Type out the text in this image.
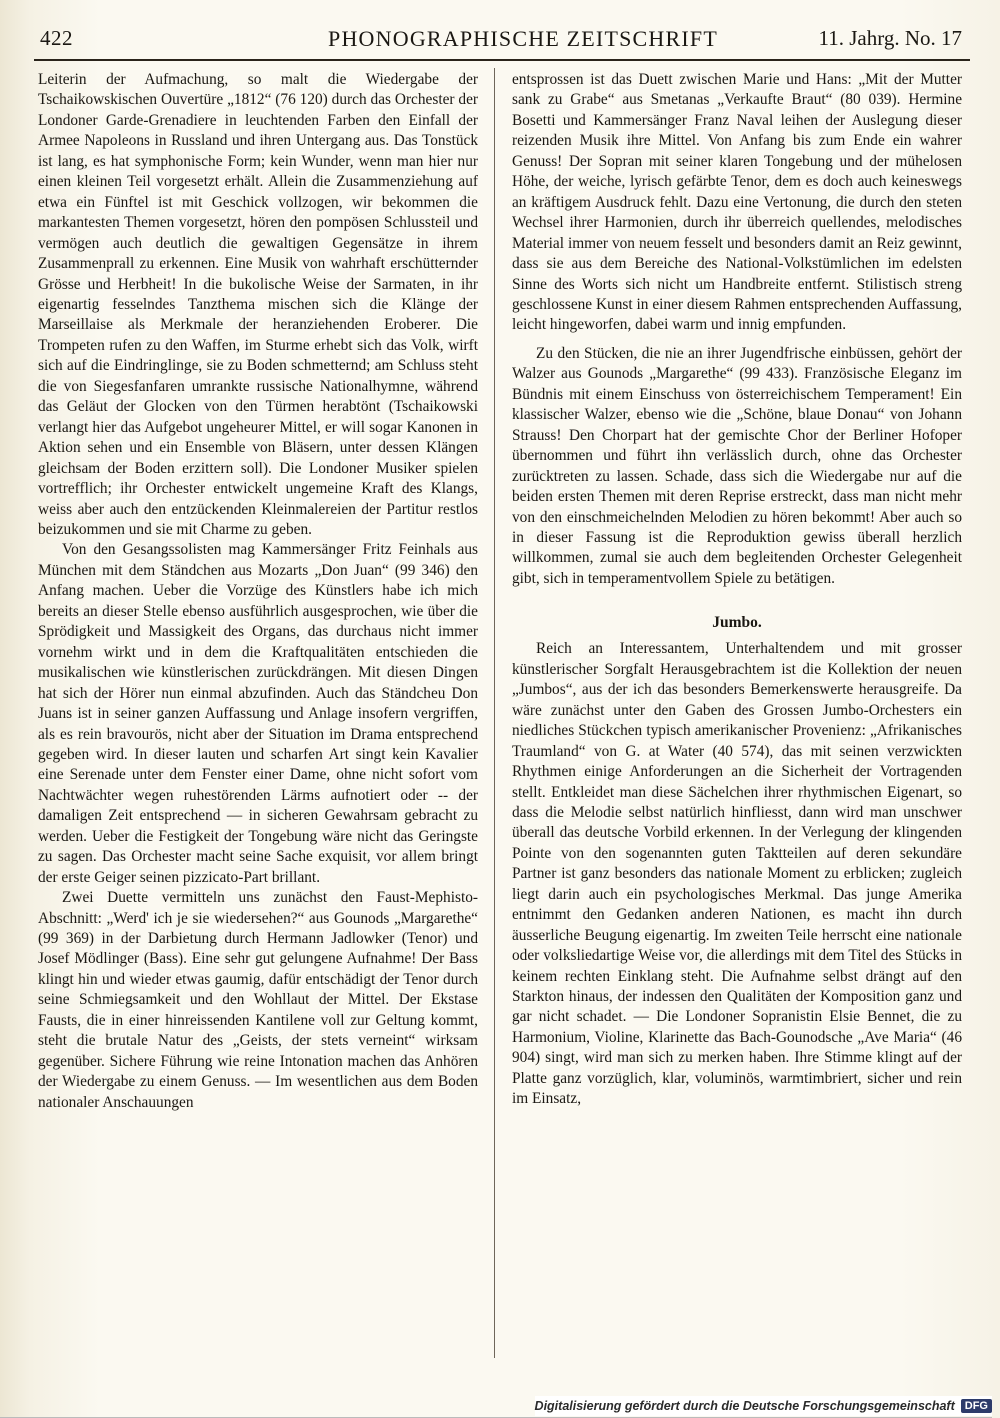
422	PHONOGRAPHISCHE ZEITSCHRIFT	11. Jahrg. No. 17

Leiterin der Aufmachung, so malt die Wiedergabe der Tschaikowskischen Ouvertüre „1812“ (76 120) durch das Orchester der Londoner Garde-Grenadiere in leuchtenden Farben den Einfall der Armee Napoleons in Russland und ihren Untergang aus. Das Tonstück ist lang, es hat symphonische Form; kein Wunder, wenn man hier nur einen kleinen Teil vorgesetzt erhält. Allein die Zusammenziehung auf etwa ein Fünftel ist mit Geschick vollzogen, wir bekommen die markantesten Themen vorgesetzt, hören den pompösen Schlussteil und vermögen auch deutlich die gewaltigen Gegensätze in ihrem Zusammenprall zu erkennen. Eine Musik von wahrhaft erschütternder Grösse und Herbheit! In die bukolische Weise der Sarmaten, in ihr eigenartig fesselndes Tanzthema mischen sich die Klänge der Marseillaise als Merkmale der heranziehenden Eroberer. Die Trompeten rufen zu den Waffen, im Sturme erhebt sich das Volk, wirft sich auf die Eindringlinge, sie zu Boden schmetternd; am Schluss steht die von Siegesfanfaren umrankte russische Nationalhymne, während das Geläut der Glocken von den Türmen herabtönt (Tschaikowski verlangt hier das Aufgebot ungeheurer Mittel, er will sogar Kanonen in Aktion sehen und ein Ensemble von Bläsern, unter dessen Klängen gleichsam der Boden erzittern soll). Die Londoner Musiker spielen vortrefflich; ihr Orchester entwickelt ungemeine Kraft des Klangs, weiss aber auch den entzückenden Kleinmalereien der Partitur restlos beizukommen und sie mit Charme zu geben.

Von den Gesangssolisten mag Kammersänger Fritz Feinhals aus München mit dem Ständchen aus Mozarts „Don Juan“ (99 346) den Anfang machen. Ueber die Vorzüge des Künstlers habe ich mich bereits an dieser Stelle ebenso ausführlich ausgesprochen, wie über die Sprödigkeit und Massigkeit des Organs, das durchaus nicht immer vornehm wirkt und in dem die Kraftqualitäten entschieden die musikalischen wie künstlerischen zurückdrängen. Mit diesen Dingen hat sich der Hörer nun einmal abzufinden. Auch das Ständcheu Don Juans ist in seiner ganzen Auffassung und Anlage insofern vergriffen, als es rein bravourös, nicht aber der Situation im Drama entsprechend gegeben wird. In dieser lauten und scharfen Art singt kein Kavalier eine Serenade unter dem Fenster einer Dame, ohne nicht sofort vom Nachtwächter wegen ruhestörenden Lärms aufnotiert oder -- der damaligen Zeit entsprechend — in sicheren Gewahrsam gebracht zu werden. Ueber die Festigkeit der Tongebung wäre nicht das Geringste zu sagen. Das Orchester macht seine Sache exquisit, vor allem bringt der erste Geiger seinen pizzicato-Part brillant.

Zwei Duette vermitteln uns zunächst den Faust-Mephisto-Abschnitt: „Werd' ich je sie wiedersehen?“ aus Gounods „Margarethe“ (99 369) in der Darbietung durch Hermann Jadlowker (Tenor) und Josef Mödlinger (Bass). Eine sehr gut gelungene Aufnahme! Der Bass klingt hin und wieder etwas gaumig, dafür entschädigt der Tenor durch seine Schmiegsamkeit und den Wohllaut der Mittel. Der Ekstase Fausts, die in einer hinreissenden Kantilene voll zur Geltung kommt, steht die brutale Natur des „Geists, der stets verneint“ wirksam gegenüber. Sichere Führung wie reine Intonation machen das Anhören der Wiedergabe zu einem Genuss. — Im wesentlichen aus dem Boden nationaler Anschauungen

entsprossen ist das Duett zwischen Marie und Hans: „Mit der Mutter sank zu Grabe“ aus Smetanas „Verkaufte Braut“ (80 039). Hermine Bosetti und Kammersänger Franz Naval leihen der Auslegung dieser reizenden Musik ihre Mittel. Von Anfang bis zum Ende ein wahrer Genuss! Der Sopran mit seiner klaren Tongebung und der mühelosen Höhe, der weiche, lyrisch gefärbte Tenor, dem es doch auch keineswegs an kräftigem Ausdruck fehlt. Dazu eine Vertonung, die durch den steten Wechsel ihrer Harmonien, durch ihr überreich quellendes, melodisches Material immer von neuem fesselt und besonders damit an Reiz gewinnt, dass sie aus dem Bereiche des National-Volkstümlichen im edelsten Sinne des Worts sich nicht um Handbreite entfernt. Stilistisch streng geschlossene Kunst in einer diesem Rahmen entsprechenden Auffassung, leicht hingeworfen, dabei warm und innig empfunden.

Zu den Stücken, die nie an ihrer Jugendfrische einbüssen, gehört der Walzer aus Gounods „Margarethe“ (99 433). Französische Eleganz im Bündnis mit einem Einschuss von österreichischem Temperament! Ein klassischer Walzer, ebenso wie die „Schöne, blaue Donau“ von Johann Strauss! Den Chorpart hat der gemischte Chor der Berliner Hofoper übernommen und führt ihn verlässlich durch, ohne das Orchester zurücktreten zu lassen. Schade, dass sich die Wiedergabe nur auf die beiden ersten Themen mit deren Reprise erstreckt, dass man nicht mehr von den einschmeichelnden Melodien zu hören bekommt! Aber auch so in dieser Fassung ist die Reproduktion gewiss überall herzlich willkommen, zumal sie auch dem begleitenden Orchester Gelegenheit gibt, sich in temperamentvollem Spiele zu betätigen.

Jumbo.

Reich an Interessantem, Unterhaltendem und mit grosser künstlerischer Sorgfalt Herausgebrachtem ist die Kollektion der neuen „Jumbos“, aus der ich das besonders Bemerkenswerte herausgreife. Da wäre zunächst unter den Gaben des Grossen Jumbo-Orchesters ein niedliches Stückchen typisch amerikanischer Provenienz: „Afrikanisches Traumland“ von G. at Water (40 574), das mit seinen verzwickten Rhythmen einige Anforderungen an die Sicherheit der Vortragenden stellt. Entkleidet man diese Sächelchen ihrer rhythmischen Eigenart, so dass die Melodie selbst natürlich hinfliesst, dann wird man unschwer überall das deutsche Vorbild erkennen. In der Verlegung der klingenden Pointe von den sogenannten guten Taktteilen auf deren sekundäre Partner ist ganz besonders das nationale Moment zu erblicken; zugleich liegt darin auch ein psychologisches Merkmal. Das junge Amerika entnimmt den Gedanken anderen Nationen, es macht ihn durch äusserliche Beugung eigenartig. Im zweiten Teile herrscht eine nationale oder volksliedartige Weise vor, die allerdings mit dem Titel des Stücks in keinem rechten Einklang steht. Die Aufnahme selbst drängt auf den Starkton hinaus, der indessen den Qualitäten der Komposition ganz und gar nicht schadet. — Die Londoner Sopranistin Elsie Bennet, die zu Harmonium, Violine, Klarinette das Bach-Gounodsche „Ave Maria“ (46 904) singt, wird man sich zu merken haben. Ihre Stimme klingt auf der Platte ganz vorzüglich, klar, voluminös, warmtimbriert, sicher und rein im Einsatz,

Digitalisierung gefördert durch die Deutsche Forschungsgemeinschaft DFG
